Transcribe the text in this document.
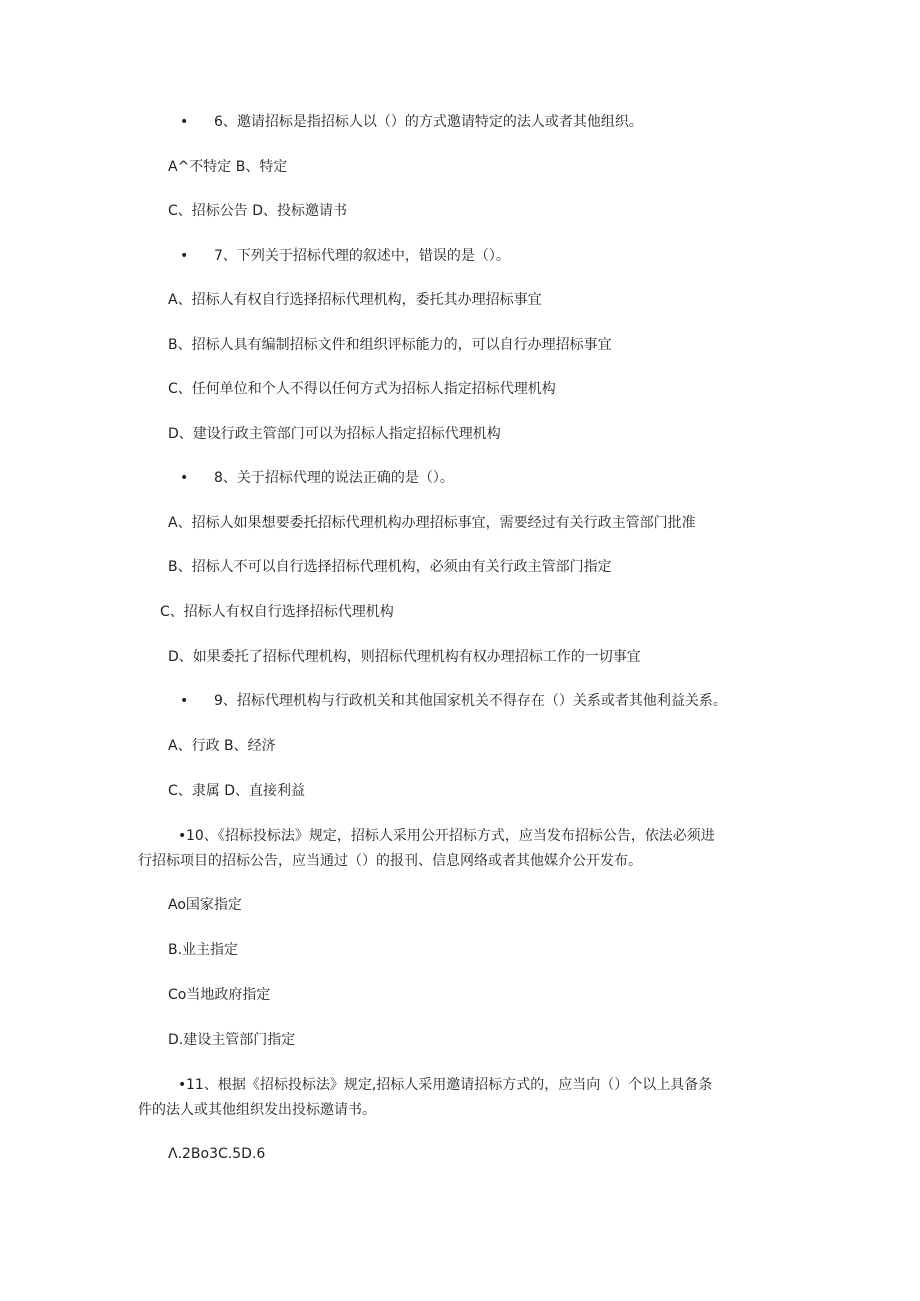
• 6、邀请招标是指招标人以（）的方式邀请特定的法人或者其他组织。
A^不特定 B、特定
C、招标公告 D、投标邀请书
• 7、下列关于招标代理的叙述中，错误的是（）。
A、招标人有权自行选择招标代理机构，委托其办理招标事宜
B、招标人具有编制招标文件和组织评标能力的，可以自行办理招标事宜
C、任何单位和个人不得以任何方式为招标人指定招标代理机构
D、建设行政主管部门可以为招标人指定招标代理机构
• 8、关于招标代理的说法正确的是（）。
A、招标人如果想要委托招标代理机构办理招标事宜，需要经过有关行政主管部门批准
B、招标人不可以自行选择招标代理机构，必须由有关行政主管部门指定
C、招标人有权自行选择招标代理机构
D、如果委托了招标代理机构，则招标代理机构有权办理招标工作的一切事宜
• 9、招标代理机构与行政机关和其他国家机关不得存在（）关系或者其他利益关系。
A、行政 B、经济
C、隶属 D、直接利益
•10、《招标投标法》规定，招标人采用公开招标方式，应当发布招标公告，依法必须进
行招标项目的招标公告，应当通过（）的报刊、信息网络或者其他媒介公开发布。
Ao国家指定
B.业主指定
Co当地政府指定
D.建设主管部门指定
•11、根据《招标投标法》规定,招标人采用邀请招标方式的，应当向（）个以上具备条
件的法人或其他组织发出投标邀请书。
Λ.2Bo3C.5D.6
